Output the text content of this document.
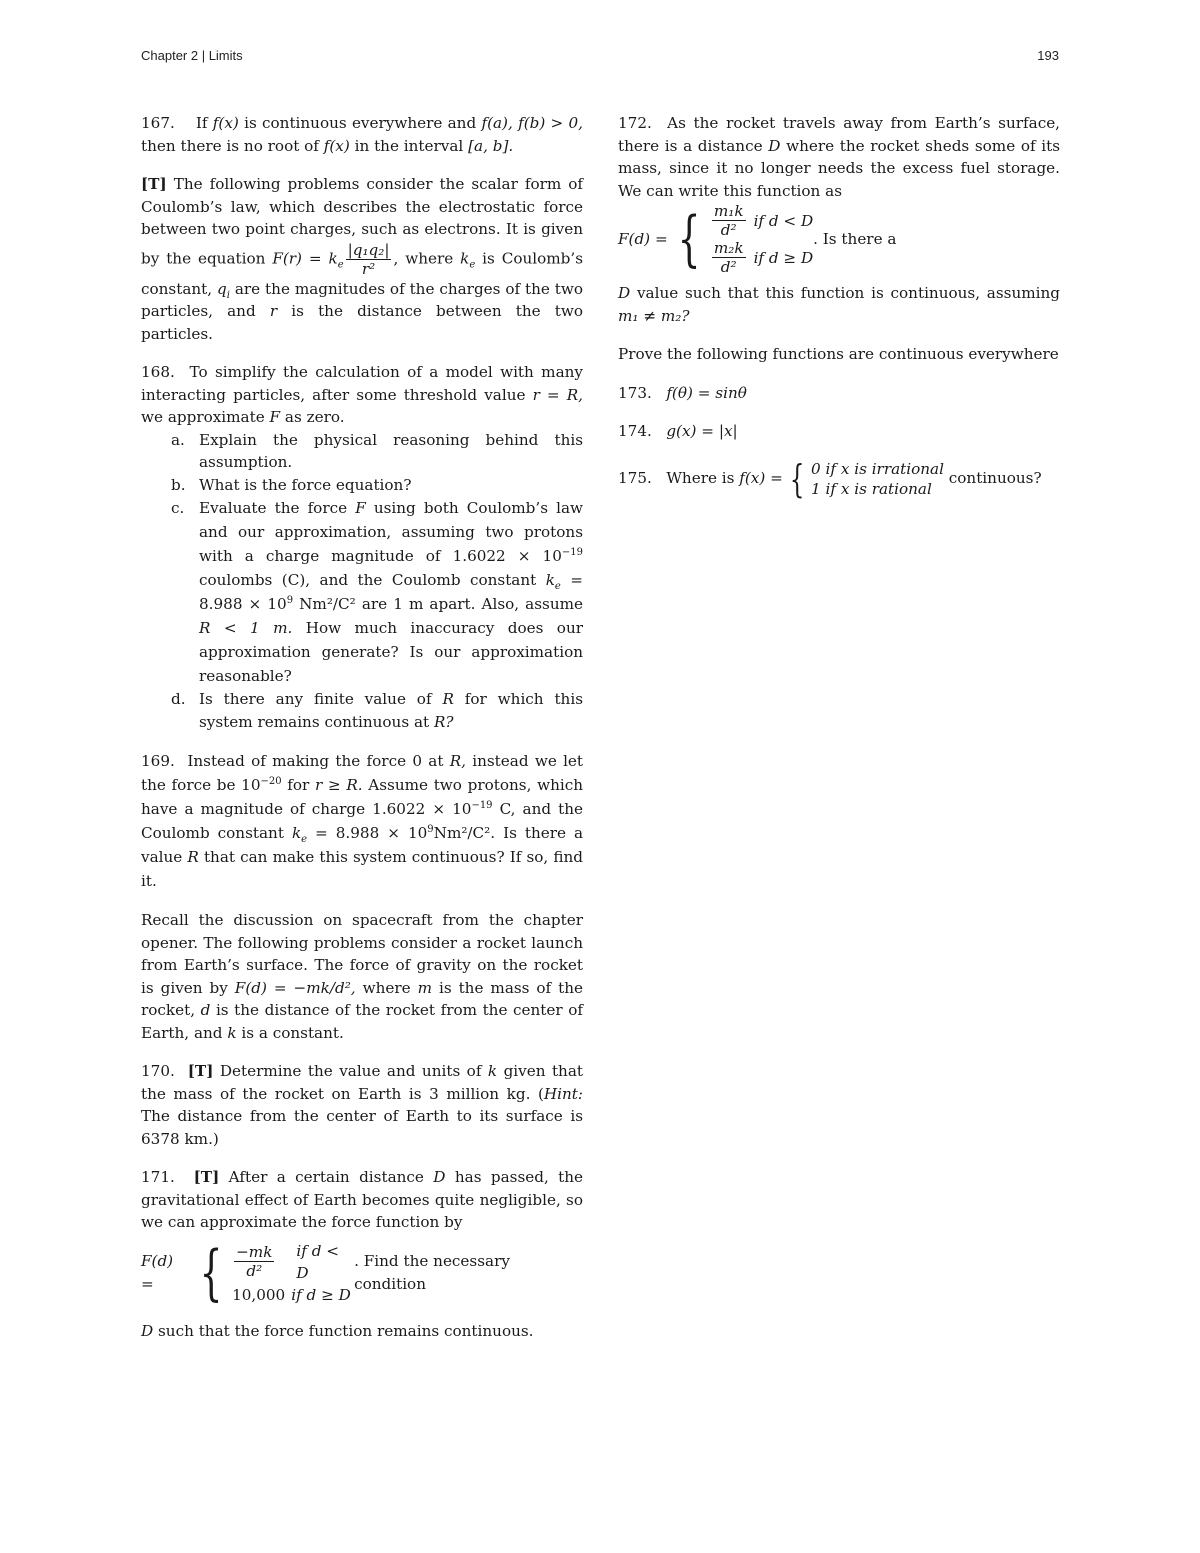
Chapter 2 | Limits	193

167. If f(x) is continuous everywhere and f(a), f(b) > 0, then there is no root of f(x) in the interval [a, b].

[T] The following problems consider the scalar form of Coulomb’s law, which describes the electrostatic force between two point charges, such as electrons. It is given by the equation $F(r) = k_e \frac{\text{|q₁q₂|}}{\text{r²}}$ , where $k_e$ is Coulomb’s constant, $q_i$ are the magnitudes of the charges of the two particles, and r is the distance between the two particles.

168. To simplify the calculation of a model with many interacting particles, after some threshold value r = R, we approximate F as zero.

a. Explain the physical reasoning behind this assumption.
b. What is the force equation?
c. Evaluate the force F using both Coulomb’s law and our approximation, assuming two protons with a charge magnitude of $1.6022 \times 10^{-19}$ coulombs (C), and the Coulomb constant $k_e = 8.988 \times 10^9$ Nm²/C² are 1 m apart. Also, assume R < 1 m. How much inaccuracy does our approximation generate? Is our approximation reasonable?
d. Is there any finite value of R for which this system remains continuous at R?

169. Instead of making the force 0 at R, instead we let the force be $10^{-20}$ for r ≥ R. Assume two protons, which have a magnitude of charge $1.6022 \times 10^{-19}$ C, and the Coulomb constant $k_e = 8.988 \times 10^9Nm^2/C^2$. Is there a value R that can make this system continuous? If so, find it.

Recall the discussion on spacecraft from the chapter opener. The following problems consider a rocket launch from Earth’s surface. The force of gravity on the rocket is given by F(d) = −mk/d², where m is the mass of the rocket, d is the distance of the rocket from the center of Earth, and k is a constant.

170. [T] Determine the value and units of k given that the mass of the rocket on Earth is 3 million kg. (Hint: The distance from the center of Earth to its surface is 6378 km.)

171. [T] After a certain distance D has passed, the gravitational effect of Earth becomes quite negligible, so we can approximate the force function by

F(d) = { $\frac{-mk}{\text{d²}}$ if d < D
10,000 if d ≥ D
. Find the necessary condition

D such that the force function remains continuous.

172. As the rocket travels away from Earth’s surface, there is a distance D where the rocket sheds some of its mass, since it no longer needs the excess fuel storage. We can write this function as

F(d) = { $\frac{\text{m₁k}}{\text{d²}}$ if d < D
$\frac{\text{m₂k}}{\text{d²}}$ if d ≥ D
. Is there a

D value such that this function is continuous, assuming m₁ ≠ m₂?

Prove the following functions are continuous everywhere

173. f(θ) = sinθ

174. g(x) = |x|

175.
Where is
f(x) = { 0 if x is irrational
1 if x is rational

continuous?
